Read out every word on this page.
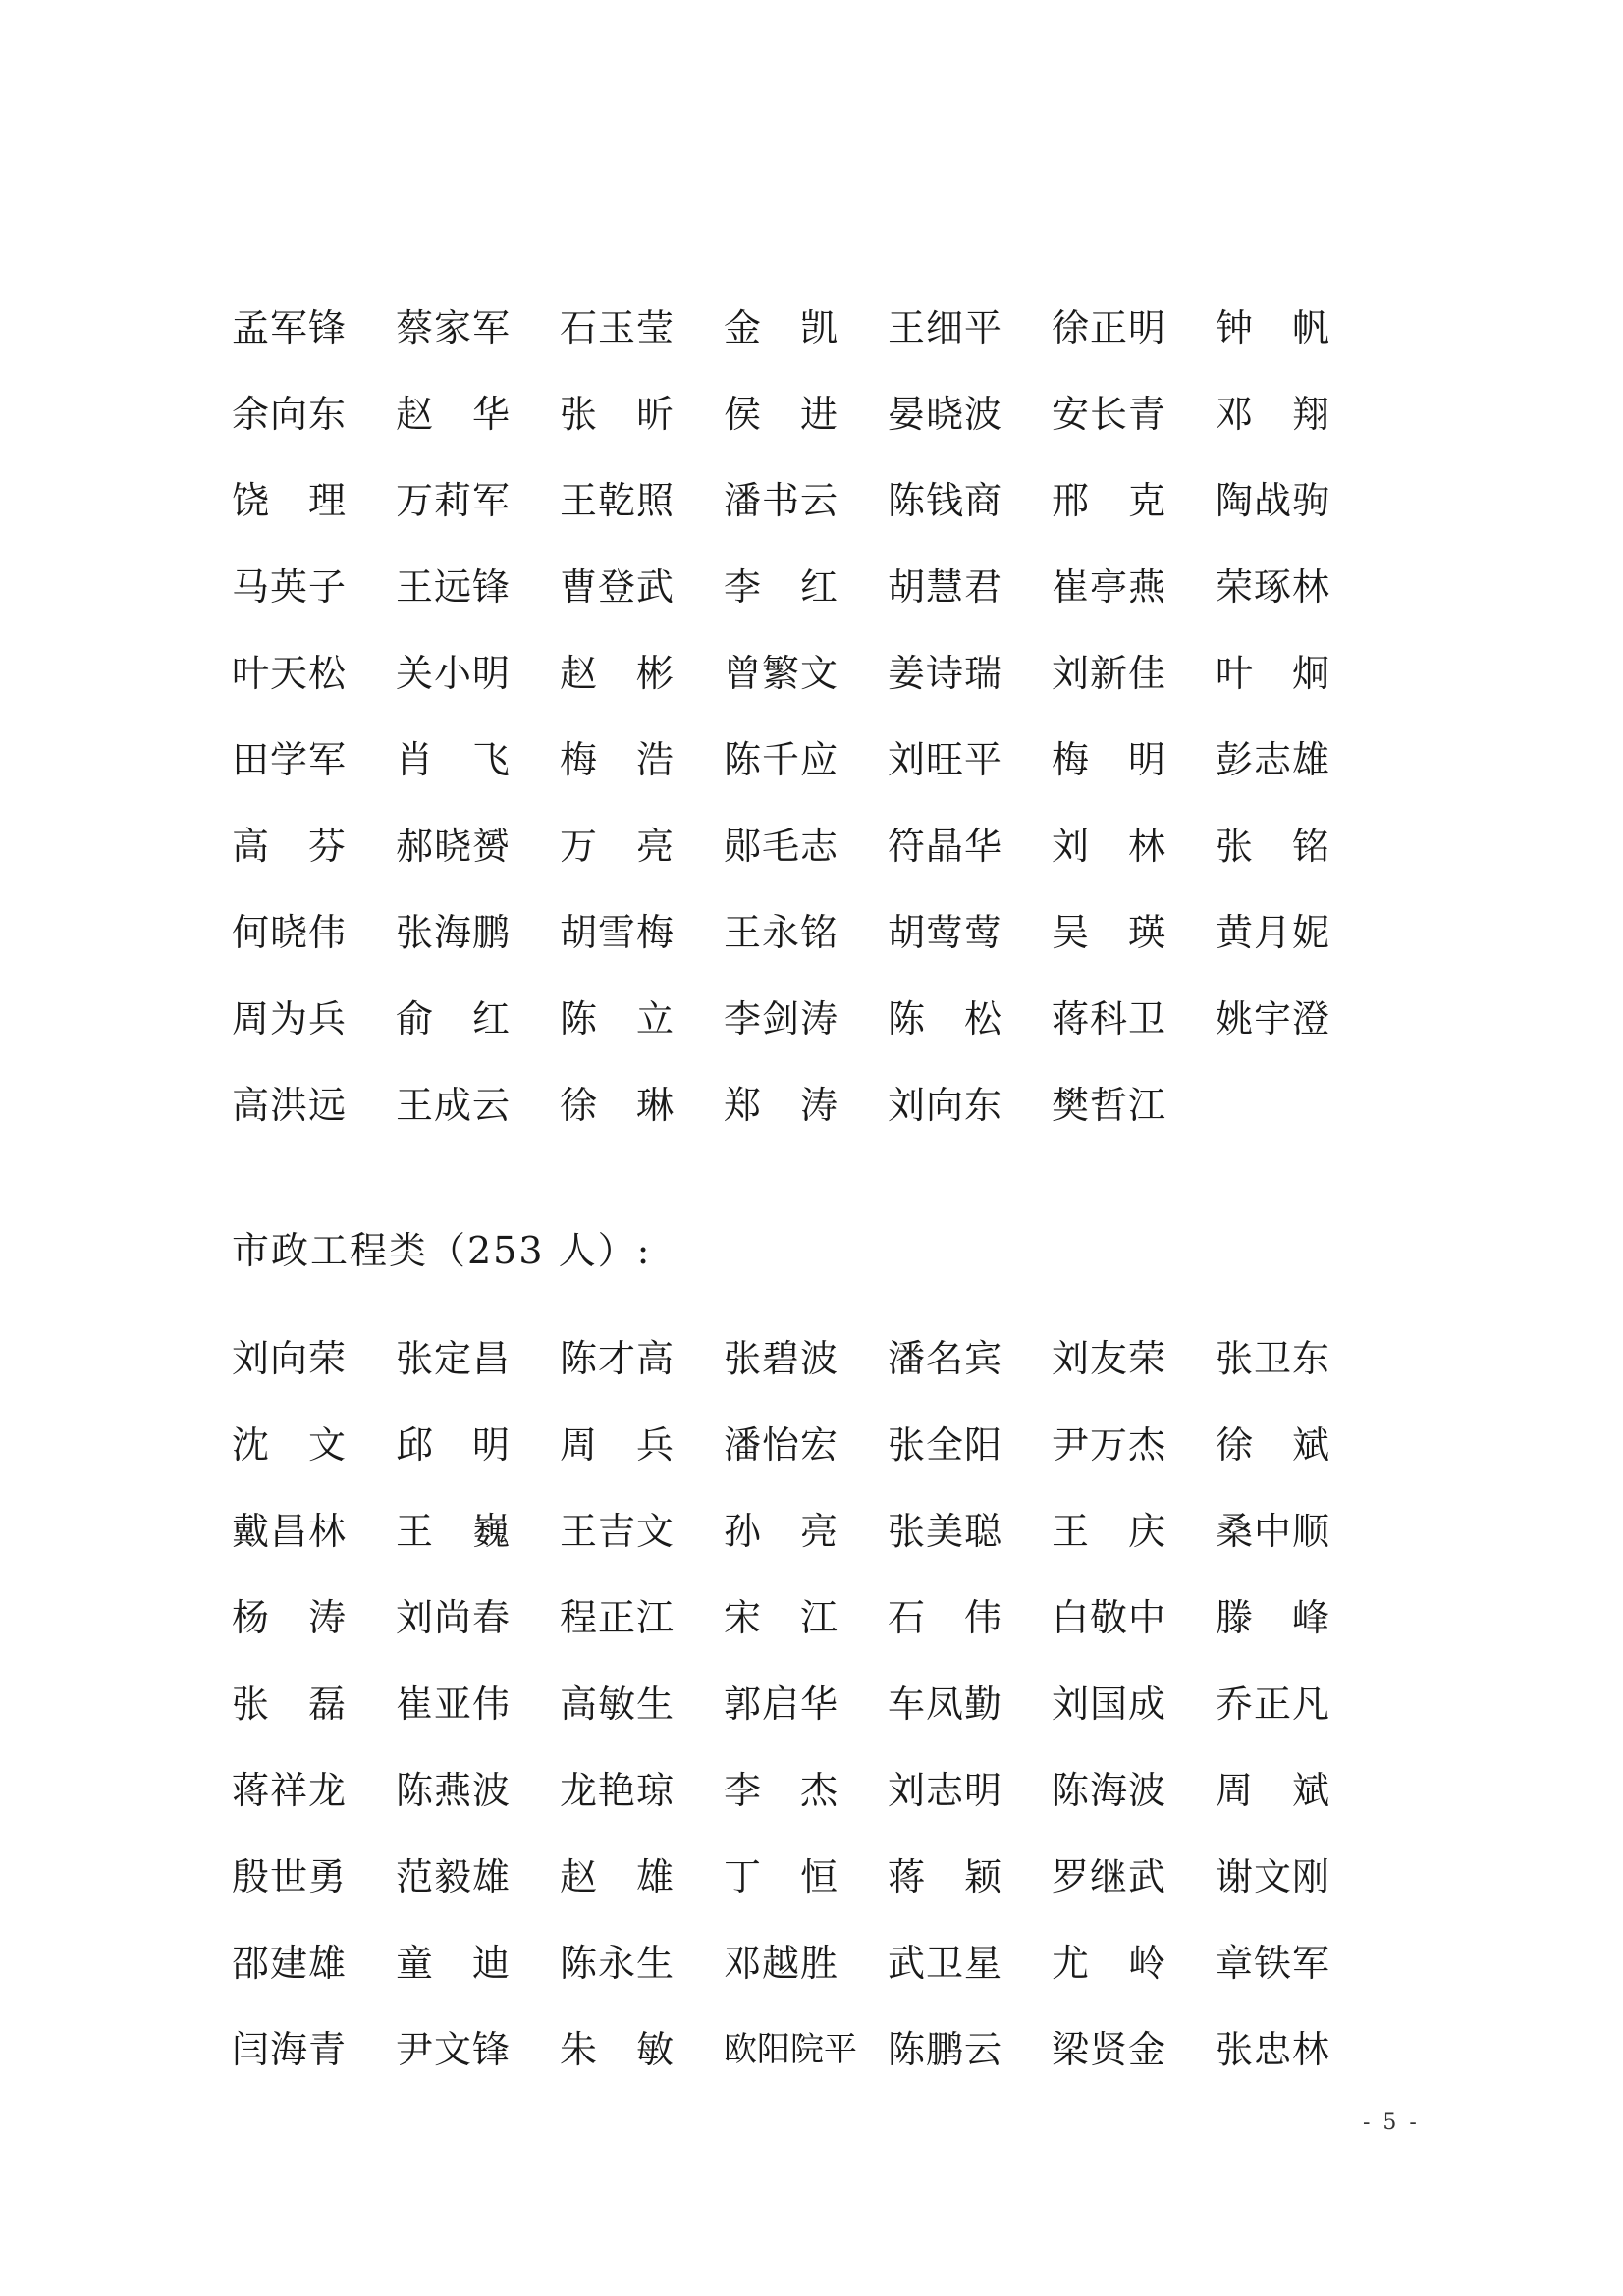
孟军锋	蔡家军	石玉莹	金　凯	王细平	徐正明	钟　帆
余向东	赵　华	张　昕	侯　进	晏晓波	安长青	邓　翔
饶　理	万莉军	王乾照	潘书云	陈钱商	邢　克	陶战驹
马英子	王远锋	曹登武	李　红	胡慧君	崔亭燕	荣琢林
叶天松	关小明	赵　彬	曾繁文	姜诗瑞	刘新佳	叶　炯
田学军	肖　飞	梅　浩	陈千应	刘旺平	梅　明	彭志雄
高　芬	郝晓赟	万　亮	郧毛志	符晶华	刘　林	张　铭
何晓伟	张海鹏	胡雪梅	王永铭	胡莺莺	吴　瑛	黄月妮
周为兵	俞　红	陈　立	李剑涛	陈　松	蒋科卫	姚宇澄
高洪远	王成云	徐　琳	郑　涛	刘向东	樊哲江
市政工程类（253 人）:
刘向荣	张定昌	陈才高	张碧波	潘名宾	刘友荣	张卫东
沈　文	邱　明	周　兵	潘怡宏	张全阳	尹万杰	徐　斌
戴昌林	王　巍	王吉文	孙　亮	张美聪	王　庆	桑中顺
杨　涛	刘尚春	程正江	宋　江	石　伟	白敬中	滕　峰
张　磊	崔亚伟	高敏生	郭启华	车凤勤	刘国成	乔正凡
蒋祥龙	陈燕波	龙艳琼	李　杰	刘志明	陈海波	周　斌
殷世勇	范毅雄	赵　雄	丁　恒	蒋　颖	罗继武	谢文刚
邵建雄	童　迪	陈永生	邓越胜	武卫星	尤　岭	章铁军
闫海青	尹文锋	朱　敏	欧阳院平 陈鹏云	梁贤金	张忠林
- 5 -
